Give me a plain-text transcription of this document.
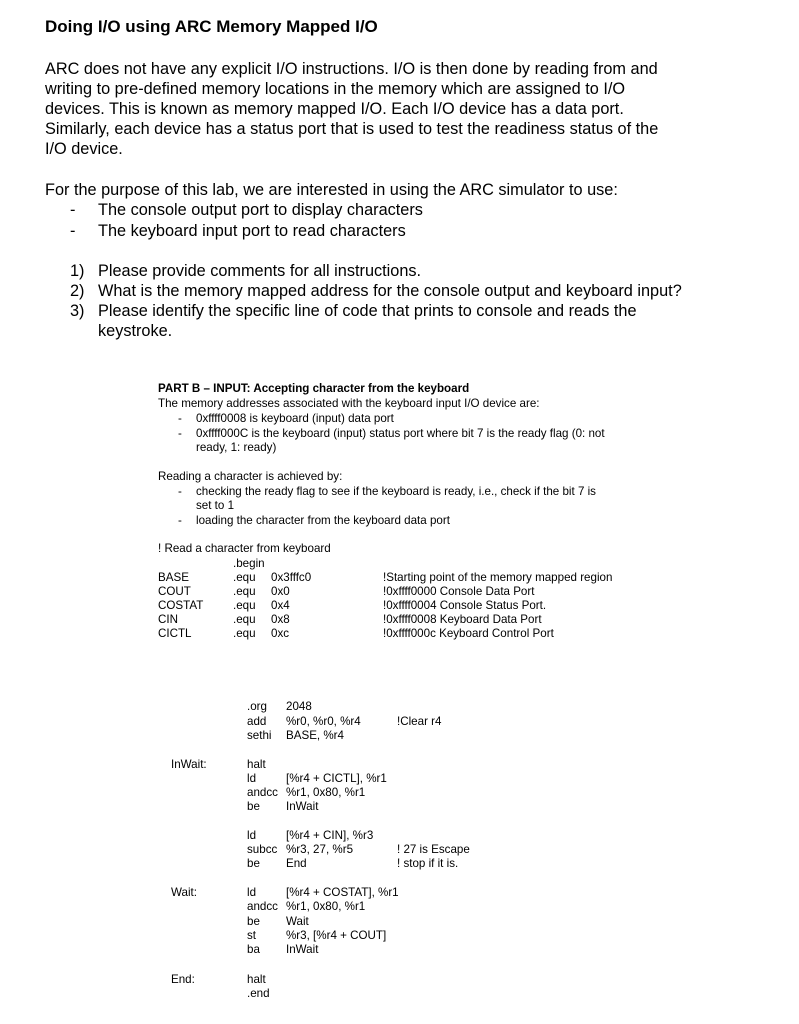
Doing I/O using ARC Memory Mapped I/O
ARC does not have any explicit I/O instructions. I/O is then done by reading from and
writing to pre-defined memory locations in the memory which are assigned to I/O
devices. This is known as memory mapped I/O. Each I/O device has a data port.
Similarly, each device has a status port that is used to test the readiness status of the
I/O device.
For the purpose of this lab, we are interested in using the ARC simulator to use:
- The console output port to display characters
- The keyboard input port to read characters
1) Please provide comments for all instructions.
2) What is the memory mapped address for the console output and keyboard input?
3) Please identify the specific line of code that prints to console and reads the
keystroke.
PART B – INPUT: Accepting character from the keyboard
The memory addresses associated with the keyboard input I/O device are:
- 0xffff0008 is keyboard (input) data port
- 0xffff000C is the keyboard (input) status port where bit 7 is the ready flag (0: not
ready, 1: ready)
Reading a character is achieved by:
- checking the ready flag to see if the keyboard is ready, i.e., check if the bit 7 is
set to 1
- loading the character from the keyboard data port
! Read a character from keyboard
.begin
BASE	.equ 0x3fffc0	!Starting point of the memory mapped region
COUT	.equ 0x0	!0xffff0000 Console Data Port
COSTAT	.equ 0x4	!0xffff0004 Console Status Port.
CIN	.equ 0x8	!0xffff0008 Keyboard Data Port
CICTL	.equ 0xc	!0xffff000c Keyboard Control Port
.org 2048
add %r0, %r0, %r4	!Clear r4
sethi BASE, %r4
InWait:	halt
ld	[%r4 + CICTL], %r1
andcc %r1, 0x80, %r1
be InWait
ld	[%r4 + CIN], %r3
subcc %r3, 27, %r5	! 27 is Escape
be End	! stop if it is.
Wait:	ld	[%r4 + COSTAT], %r1
andcc %r1, 0x80, %r1
be Wait
st	%r3, [%r4 + COUT]
ba InWait
End:	halt
.end
